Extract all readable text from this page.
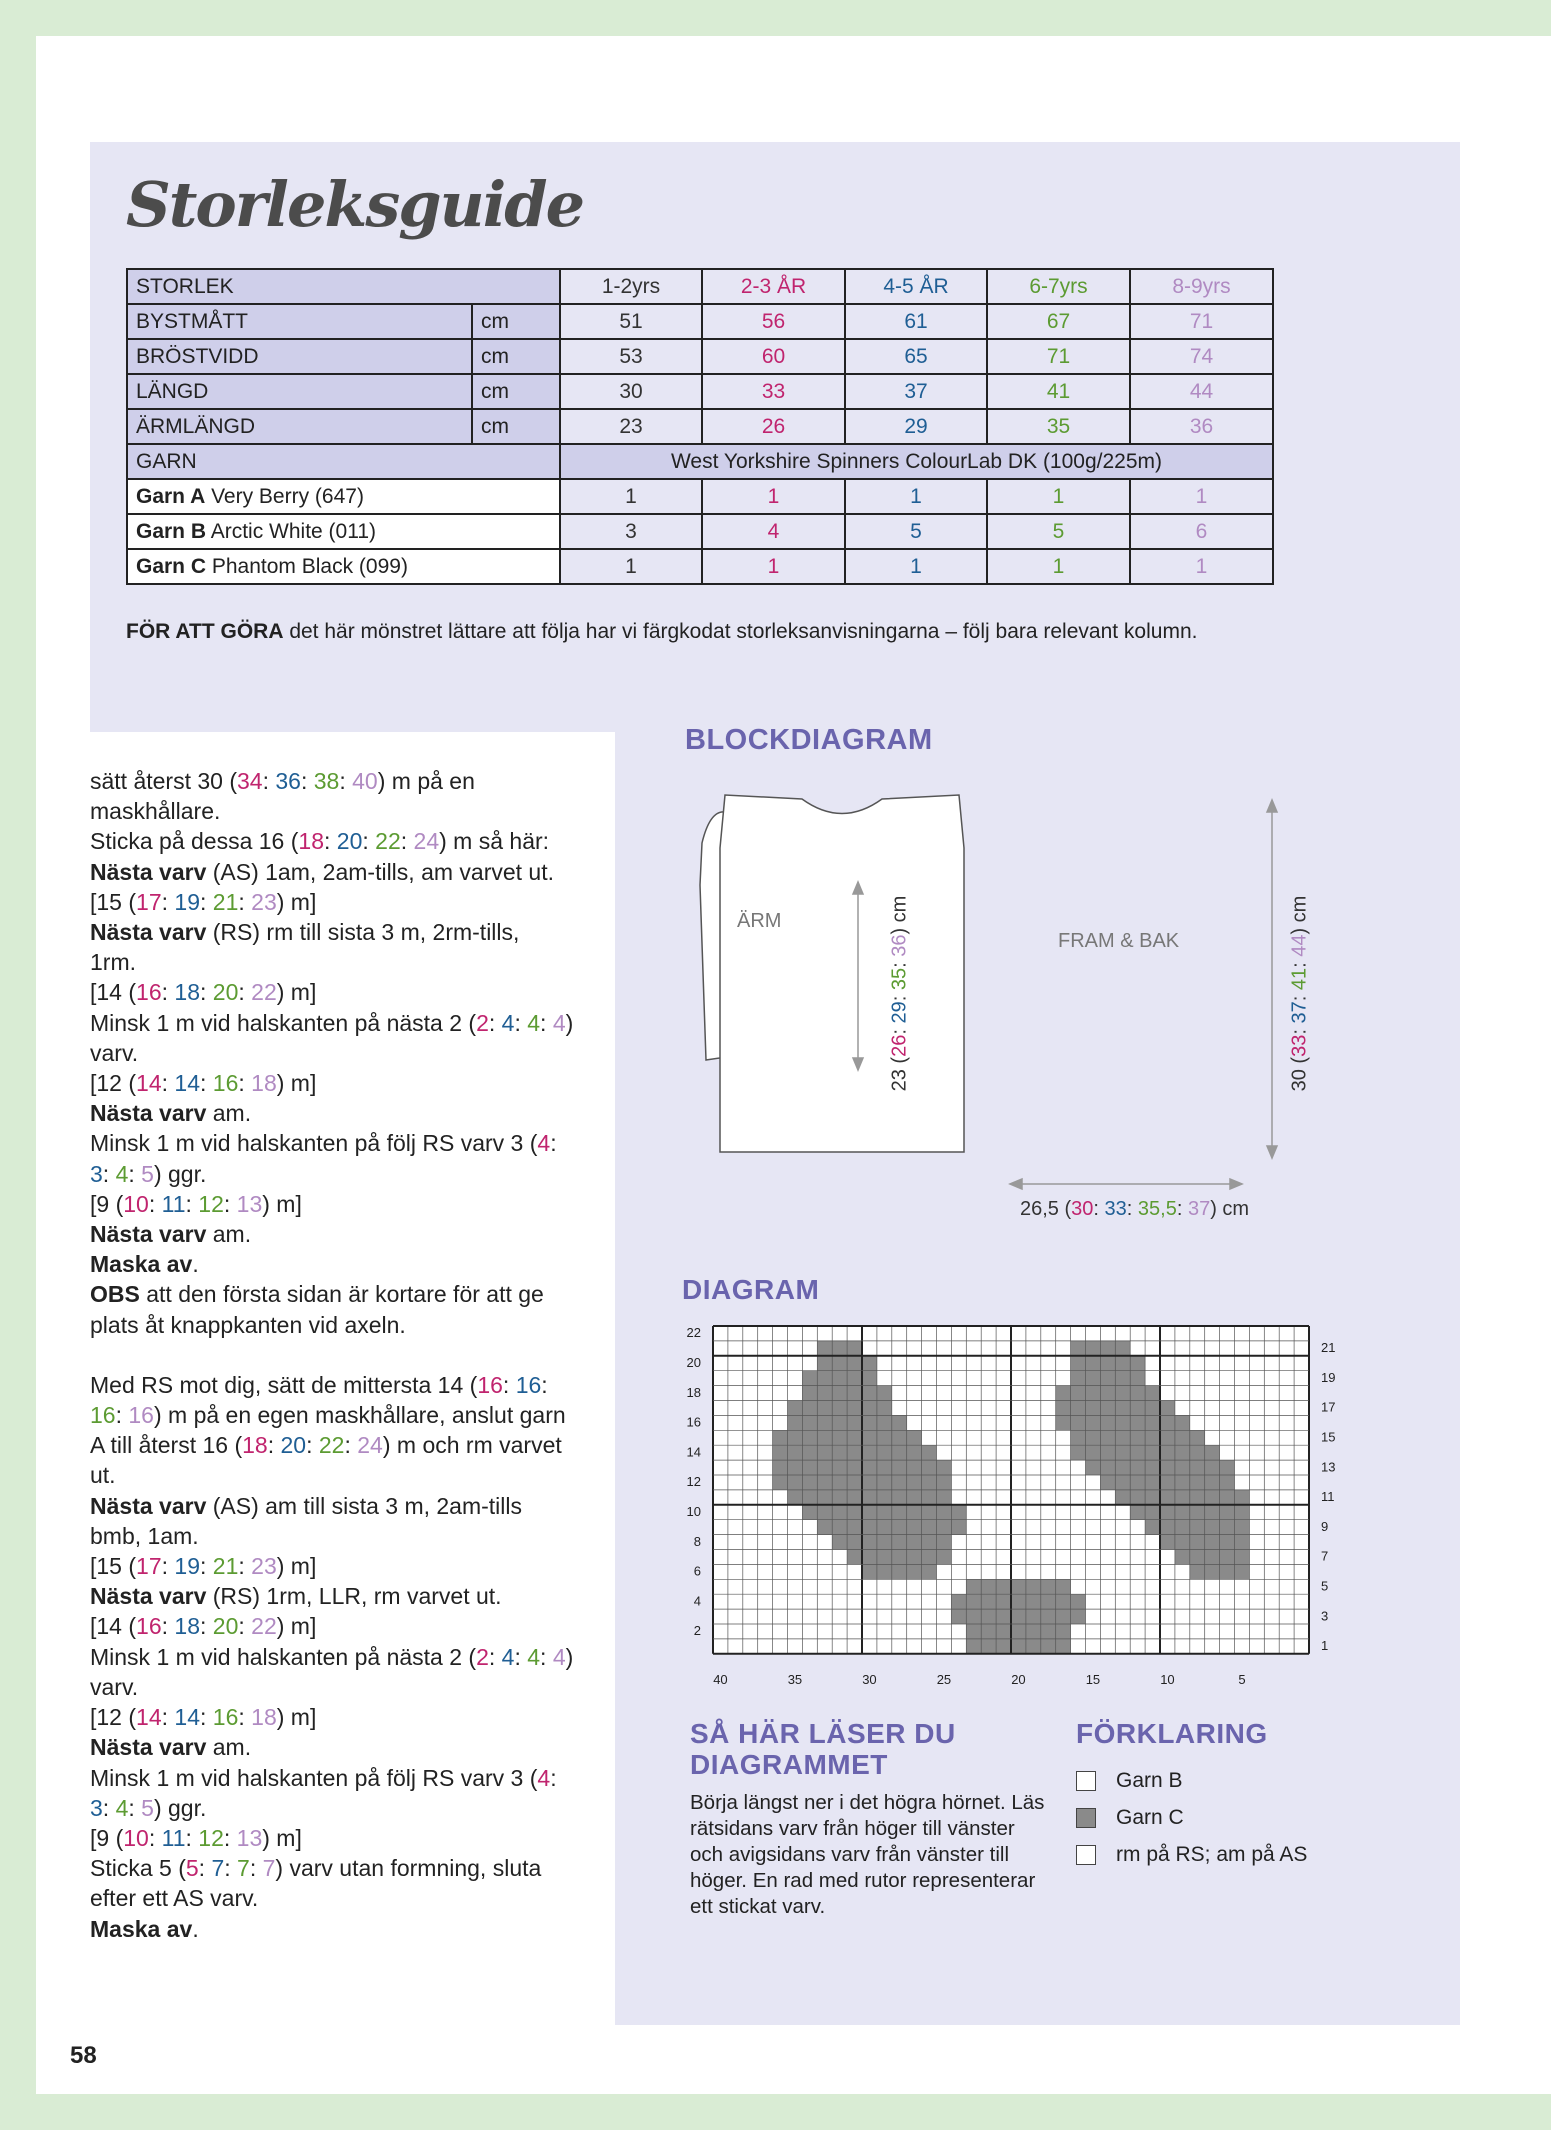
Storleksguide
STORLEK		1-2yrs	2-3 ÅR	4-5 ÅR	6-7yrs	8-9yrs
BYSTMÅTT	cm	51	56	61	67	71
BRÖSTVIDD	cm	53	60	65	71	74
LÄNGD	cm	30	33	37	41	44
ÄRMLÄNGD	cm	23	26	29	35	36
GARN		West Yorkshire Spinners ColourLab DK (100g/225m)				
Garn A Very Berry (647)		1	1	1	1	1
Garn B Arctic White (011)		3	4	5	5	6
Garn C Phantom Black (099)		1	1	1	1	1
FÖR ATT GÖRA det här mönstret lättare att följa har vi färgkodat storleksanvisningarna – följ bara relevant kolumn.

sätt återst 30 (34: 36: 38: 40) m på en

maskhållare.

Sticka på dessa 16 (18: 20: 22: 24) m så här:

Nästa varv (AS) 1am, 2am-tills, am varvet ut.

[15 (17: 19: 21: 23) m]

Nästa varv (RS) rm till sista 3 m, 2rm-tills,

1rm.

[14 (16: 18: 20: 22) m]

Minsk 1 m vid halskanten på nästa 2 (2: 4: 4: 4)

varv.

[12 (14: 14: 16: 18) m]

Nästa varv am.

Minsk 1 m vid halskanten på följ RS varv 3 (4:

3: 4: 5) ggr.

[9 (10: 11: 12: 13) m]

Nästa varv am.

Maska av.

OBS att den första sidan är kortare för att ge

plats åt knappkanten vid axeln.

Med RS mot dig, sätt de mittersta 14 (16: 16:

16: 16) m på en egen maskhållare, anslut garn

A till återst 16 (18: 20: 22: 24) m och rm varvet

ut.

Nästa varv (AS) am till sista 3 m, 2am-tills

bmb, 1am.

[15 (17: 19: 21: 23) m]

Nästa varv (RS) 1rm, LLR, rm varvet ut.

[14 (16: 18: 20: 22) m]

Minsk 1 m vid halskanten på nästa 2 (2: 4: 4: 4)

varv.

[12 (14: 14: 16: 18) m]

Nästa varv am.

Minsk 1 m vid halskanten på följ RS varv 3 (4:

3: 4: 5) ggr.

[9 (10: 11: 12: 13) m]

Sticka 5 (5: 7: 7: 7) varv utan formning, sluta

efter ett AS varv.

Maska av.

BLOCKDIAGRAM
ÄRM
FRAM & BAK
23 (26: 29: 35: 36) cm
30 (33: 37: 41: 44) cm
26,5 (30: 33: 35,5: 37) cm
DIAGRAM
22
20
18
16
14
12
10
8
6
4
2
21
19
17
15
13
11
9
7
5
3
1
40	35	30	25	20	15	10	5
SÅ HÄR LÄSER DU
DIAGRAMMET
Börja längst ner i det högra hörnet. Läs rätsidans varv från höger till vänster och avigsidans varv från vänster till höger. En rad med rutor representerar ett stickat varv.
FÖRKLARING
Garn B
Garn C
rm på RS; am på AS
58
